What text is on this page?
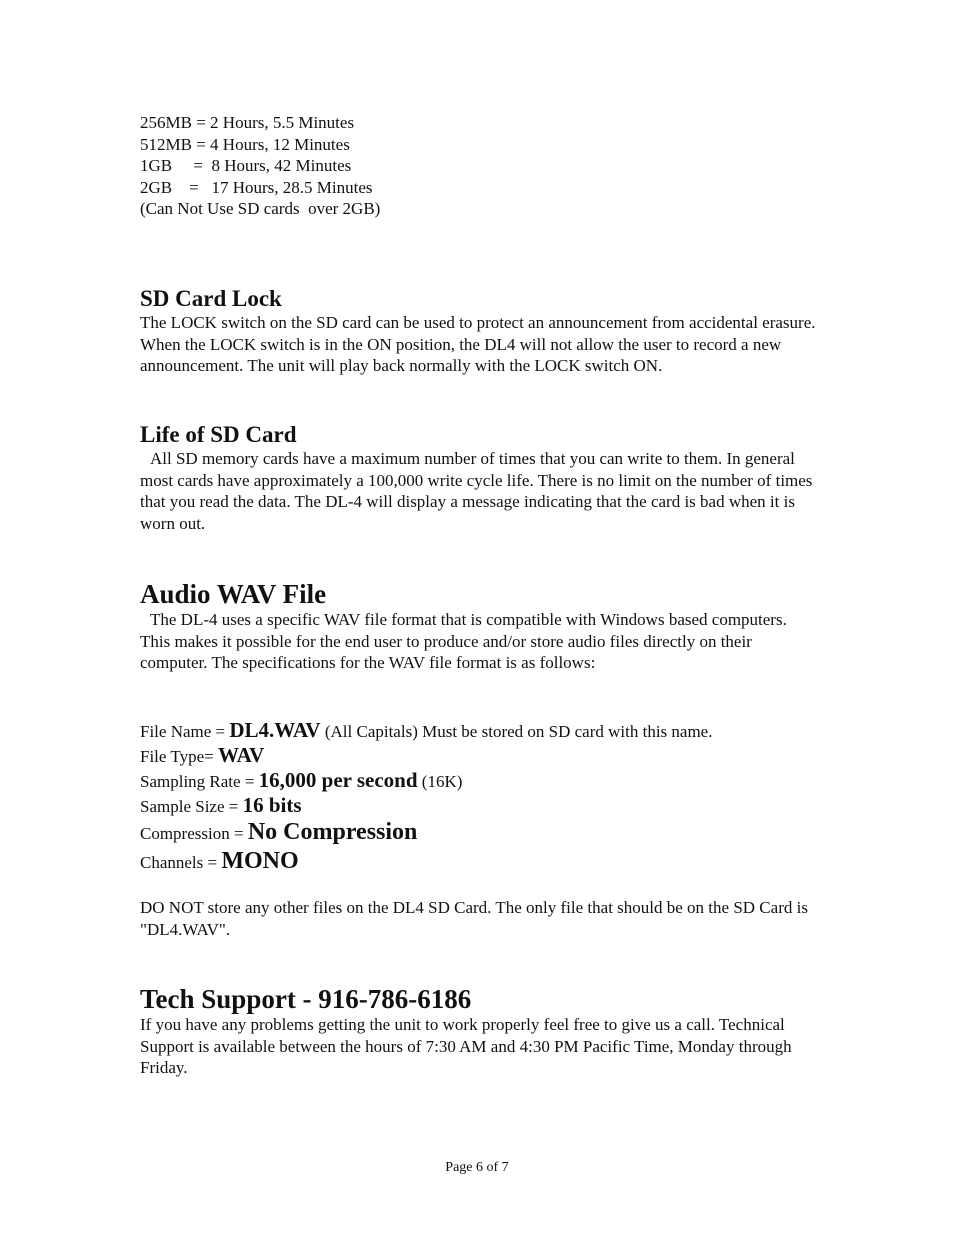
256MB = 2 Hours, 5.5 Minutes

512MB = 4 Hours, 12 Minutes

1GB     =  8 Hours, 42 Minutes

2GB    =   17 Hours, 28.5 Minutes

(Can Not Use SD cards  over 2GB)

SD Card Lock

The LOCK switch on the SD card can be used to protect an announcement from accidental erasure. When the LOCK switch is in the ON position, the DL4 will not allow the user to record a new announcement. The unit will play back normally with the LOCK switch ON.

Life of SD Card

All SD memory cards have a maximum number of times that you can write to them. In general most cards have approximately a 100,000 write cycle life. There is no limit on the number of times that you read the data. The DL-4 will display a message indicating that the card is bad when it is worn out.

Audio WAV File

The DL-4 uses a specific WAV file format that is compatible with Windows based computers. This makes it possible for the end user to produce and/or store audio files directly on their computer. The specifications for the WAV file format is as follows:

File Name = DL4.WAV (All Capitals) Must be stored on SD card with this name.

File Type= WAV

Sampling Rate = 16,000 per second (16K)

Sample Size = 16 bits

Compression = No Compression

Channels = MONO

DO NOT store any other files on the DL4 SD Card. The only file that should be on the SD Card is "DL4.WAV".

Tech Support - 916-786-6186

If you have any problems getting the unit to work properly feel free to give us a call. Technical Support is available between the hours of 7:30 AM and 4:30 PM Pacific Time, Monday through Friday.

Page 6 of 7
